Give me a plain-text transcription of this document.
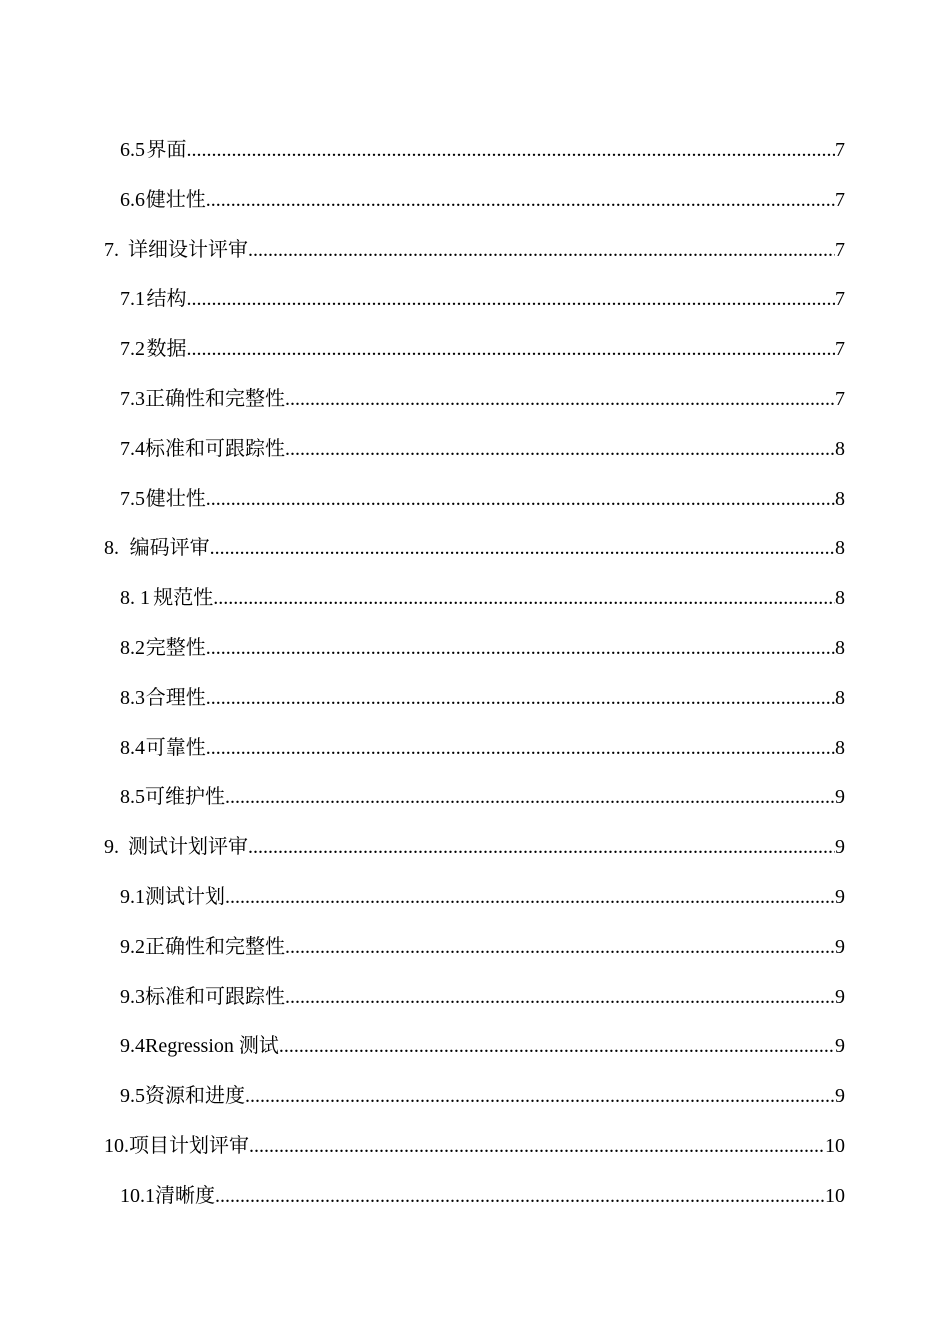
6.5 界面 .....	7
6.6 健壮性 .....	7
7. 详细设计评审 .....	7
7.1 结构 .....	7
7.2 数据 .....	7
7.3 正确性和完整性 .....	7
7.4 标准和可跟踪性 .....	8
7.5 健壮性 .....	8
8. 编码评审 .....	8
8. 1 规范性 .....	8
8.2 完整性 .....	8
8.3 合理性 .....	8
8.4 可靠性 .....	8
8.5 可维护性 .....	9
9. 测试计划评审 .....	9
9.1 测试计划 .....	9
9.2 正确性和完整性 .....	9
9.3 标准和可跟踪性 .....	9
9.4 Regression 测试 .....	9
9.5 资源和进度 .....	9
10. 项目计划评审 .....	10
10.1 清晰度 .....	10
